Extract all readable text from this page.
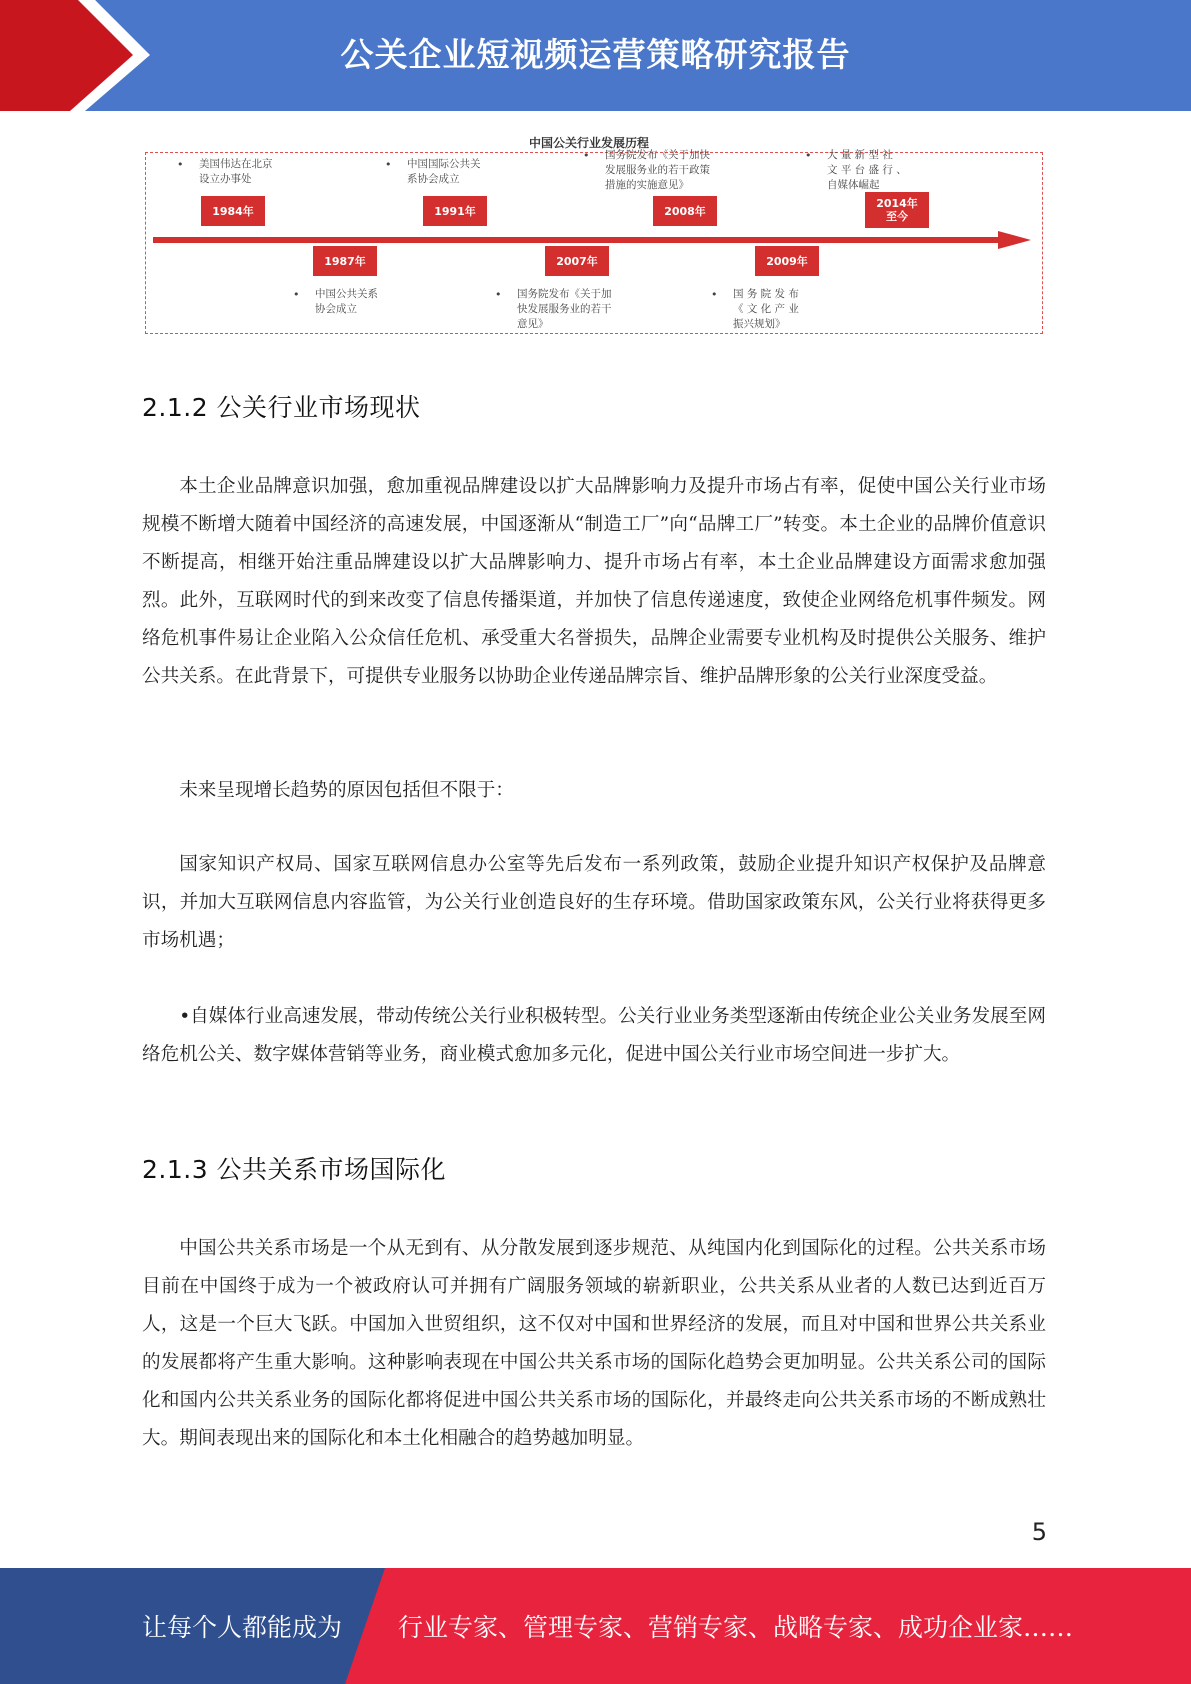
公关企业短视频运营策略研究报告
中国公关行业发展历程
1984年
1987年
1991年
2007年
2008年
2009年
2014年
至今
• 美国伟达在北京
设立办事处
• 中国公共关系
协会成立
• 中国国际公共关
系协会成立
• 国务院发布《关于加
快发展服务业的若干
意见》
• 国务院发布《关于加快
发展服务业的若干政策
措施的实施意见》
• 国 务 院 发 布
《 文 化 产 业
振兴规划》
• 大 量 新 型 社
文 平 台 盛 行 、
自媒体崛起
2.1.2 公关行业市场现状

本土企业品牌意识加强，愈加重视品牌建设以扩大品牌影响力及提升市场占有率，促使中国公关行业市场规模不断增大随着中国经济的高速发展，中国逐渐从“制造工厂”向“品牌工厂”转变。本土企业的品牌价值意识不断提高，相继开始注重品牌建设以扩大品牌影响力、提升市场占有率，本土企业品牌建设方面需求愈加强烈。此外，互联网时代的到来改变了信息传播渠道，并加快了信息传递速度，致使企业网络危机事件频发。网络危机事件易让企业陷入公众信任危机、承受重大名誉损失，品牌企业需要专业机构及时提供公关服务、维护公共关系。在此背景下，可提供专业服务以协助企业传递品牌宗旨、维护品牌形象的公关行业深度受益。

未来呈现增长趋势的原因包括但不限于：

国家知识产权局、国家互联网信息办公室等先后发布一系列政策，鼓励企业提升知识产权保护及品牌意识，并加大互联网信息内容监管，为公关行业创造良好的生存环境。借助国家政策东风，公关行业将获得更多市场机遇；

•自媒体行业高速发展，带动传统公关行业积极转型。公关行业业务类型逐渐由传统企业公关业务发展至网络危机公关、数字媒体营销等业务，商业模式愈加多元化，促进中国公关行业市场空间进一步扩大。

2.1.3 公共关系市场国际化

中国公共关系市场是一个从无到有、从分散发展到逐步规范、从纯国内化到国际化的过程。公共关系市场目前在中国终于成为一个被政府认可并拥有广阔服务领域的崭新职业，公共关系从业者的人数已达到近百万人，这是一个巨大飞跃。中国加入世贸组织，这不仅对中国和世界经济的发展，而且对中国和世界公共关系业的发展都将产生重大影响。这种影响表现在中国公共关系市场的国际化趋势会更加明显。公共关系公司的国际化和国内公共关系业务的国际化都将促进中国公共关系市场的国际化，并最终走向公共关系市场的不断成熟壮大。期间表现出来的国际化和本土化相融合的趋势越加明显。

5
让每个人都能成为 行业专家、管理专家、营销专家、战略专家、成功企业家……
